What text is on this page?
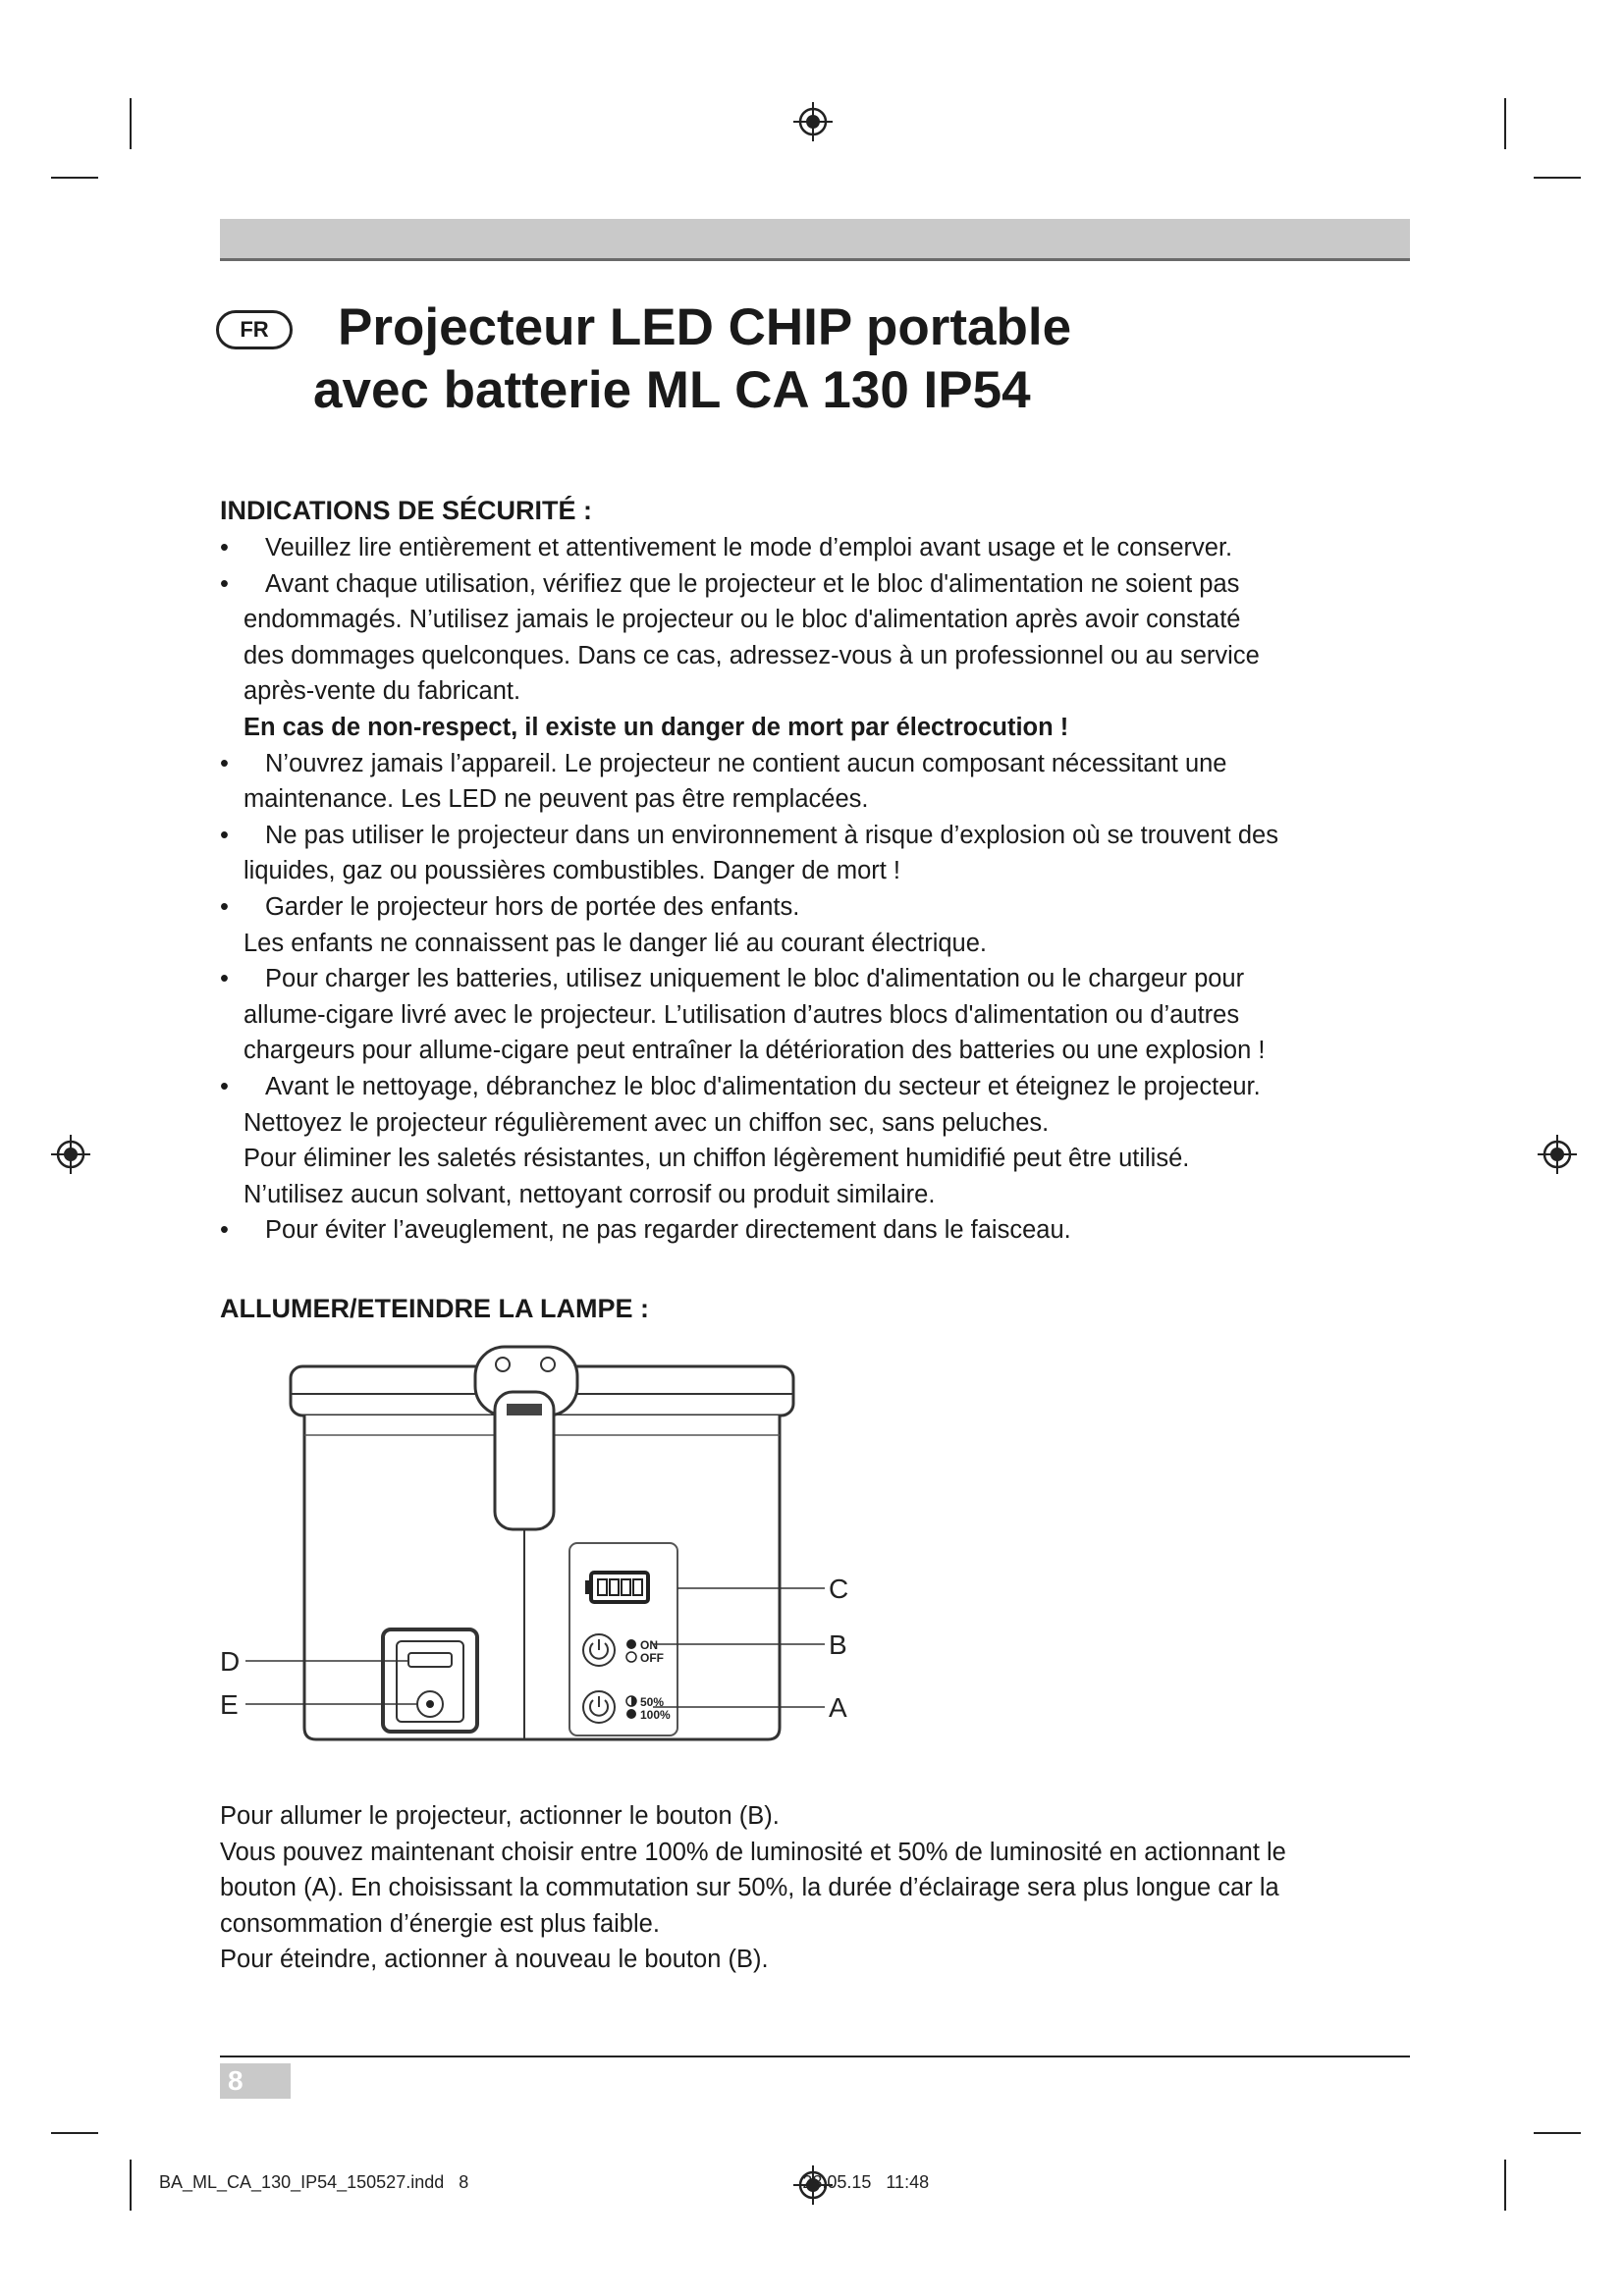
FR	Projecteur LED CHIP portable
avec batterie ML CA 130 IP54
INDICATIONS DE SÉCURITÉ :
•	Veuillez lire entièrement et attentivement le mode d’emploi avant usage et le conserver.
•	Avant chaque utilisation, vérifiez que le projecteur et le bloc d'alimentation ne soient pas
endommagés. N’utilisez jamais le projecteur ou le bloc d'alimentation après avoir constaté
des dommages quelconques. Dans ce cas, adressez-vous à un professionnel ou au service
après-vente du fabricant.
En cas de non-respect, il existe un danger de mort par électrocution !
•	N’ouvrez jamais l’appareil. Le projecteur ne contient aucun composant nécessitant une
maintenance. Les LED ne peuvent pas être remplacées.
•	Ne pas utiliser le projecteur dans un environnement à risque d’explosion où se trouvent des
liquides, gaz ou poussières combustibles. Danger de mort !
•	Garder le projecteur hors de portée des enfants.
Les enfants ne connaissent pas le danger lié au courant électrique.
•	Pour charger les batteries, utilisez uniquement le bloc d'alimentation ou le chargeur pour
allume-cigare livré avec le projecteur. L’utilisation d’autres blocs d'alimentation ou d’autres
chargeurs pour allume-cigare peut entraîner la détérioration des batteries ou une explosion !
•	Avant le nettoyage, débranchez le bloc d'alimentation du secteur et éteignez le projecteur.
Nettoyez le projecteur régulièrement avec un chiffon sec, sans peluches.
Pour éliminer les saletés résistantes, un chiffon légèrement humidifié peut être utilisé.
N’utilisez aucun solvant, nettoyant corrosif ou produit similaire.
•	Pour éviter l’aveuglement, ne pas regarder directement dans le faisceau.
ALLUMER/ETEINDRE LA LAMPE :
ON
OFF
50%
100%
C
B
A
D
E
Pour allumer le projecteur, actionner le bouton (B).
Vous pouvez maintenant choisir entre 100% de luminosité et 50% de luminosité en actionnant le
bouton (A). En choisissant la commutation sur 50%, la durée d’éclairage sera plus longue car la
consommation d’énergie est plus faible.
Pour éteindre, actionner à nouveau le bouton (B).
8
BA_ML_CA_130_IP54_150527.indd   8                                                                    28.05.15   11:48
